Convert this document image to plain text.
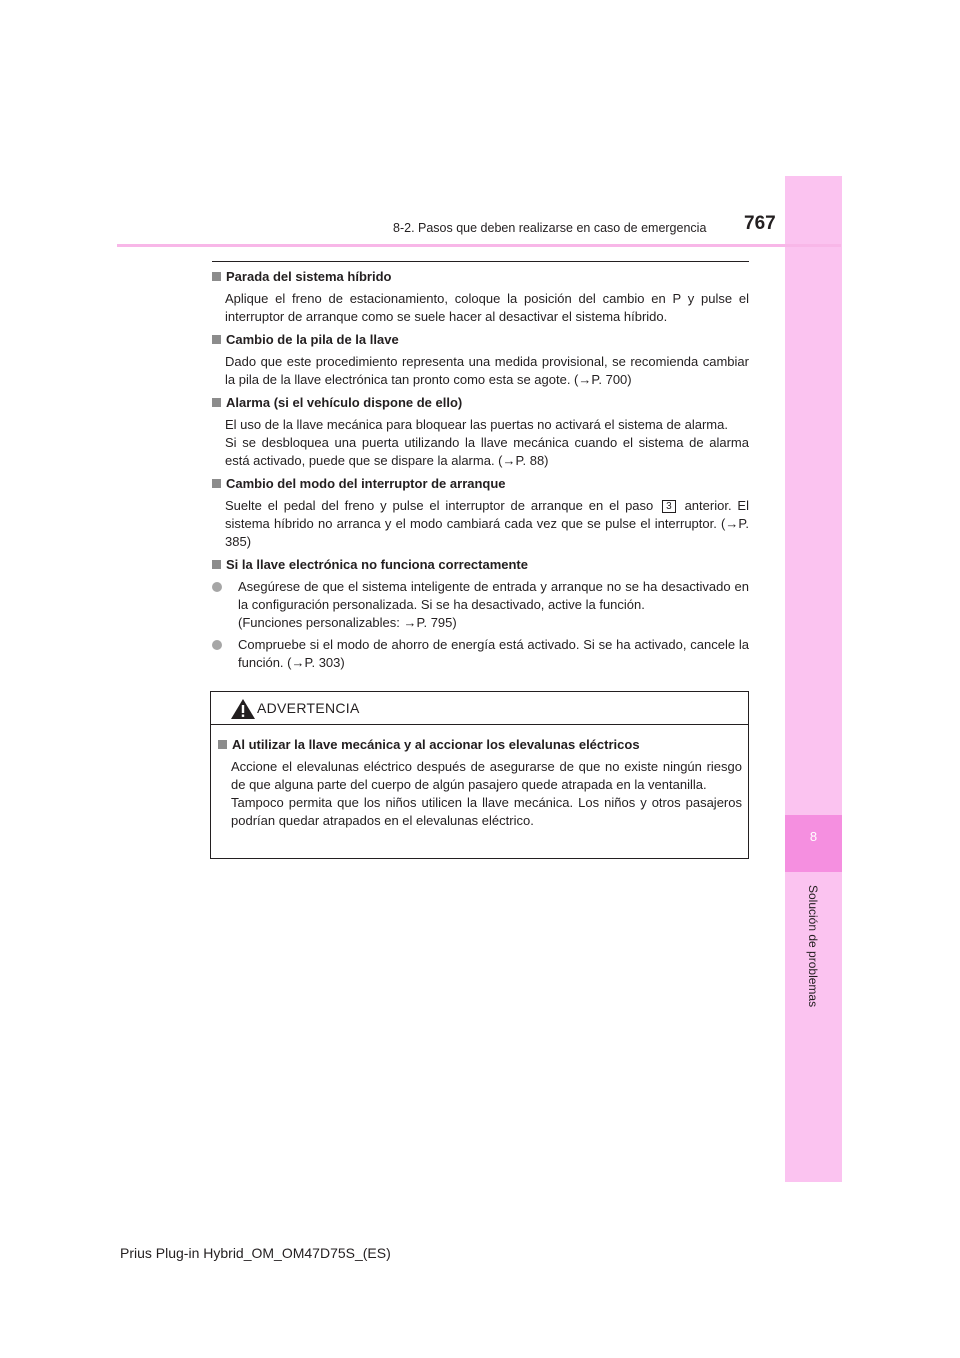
8
Solución de problemas
8-2. Pasos que deben realizarse en caso de emergencia 767
Parada del sistema híbrido
Aplique el freno de estacionamiento, coloque la posición del cambio en P y pulse el interruptor de arranque como se suele hacer al desactivar el sistema híbrido.
Cambio de la pila de la llave
Dado que este procedimiento representa una medida provisional, se recomienda cambiar la pila de la llave electrónica tan pronto como esta se agote. (→P. 700)
Alarma (si el vehículo dispone de ello)
El uso de la llave mecánica para bloquear las puertas no activará el sistema de alarma.
Si se desbloquea una puerta utilizando la llave mecánica cuando el sistema de alarma está activado, puede que se dispare la alarma. (→P. 88)
Cambio del modo del interruptor de arranque
Suelte el pedal del freno y pulse el interruptor de arranque en el paso 3 anterior. El sistema híbrido no arranca y el modo cambiará cada vez que se pulse el interruptor. (→P. 385)
Si la llave electrónica no funciona correctamente
Asegúrese de que el sistema inteligente de entrada y arranque no se ha desactivado en la configuración personalizada. Si se ha desactivado, active la función.
(Funciones personalizables: →P. 795)
Compruebe si el modo de ahorro de energía está activado. Si se ha activado, cancele la función. (→P. 303)
ADVERTENCIA
Al utilizar la llave mecánica y al accionar los elevalunas eléctricos
Accione el elevalunas eléctrico después de asegurarse de que no existe ningún riesgo de que alguna parte del cuerpo de algún pasajero quede atrapada en la ventanilla.
Tampoco permita que los niños utilicen la llave mecánica. Los niños y otros pasajeros podrían quedar atrapados en el elevalunas eléctrico.
Prius Plug-in Hybrid_OM_OM47D75S_(ES)
